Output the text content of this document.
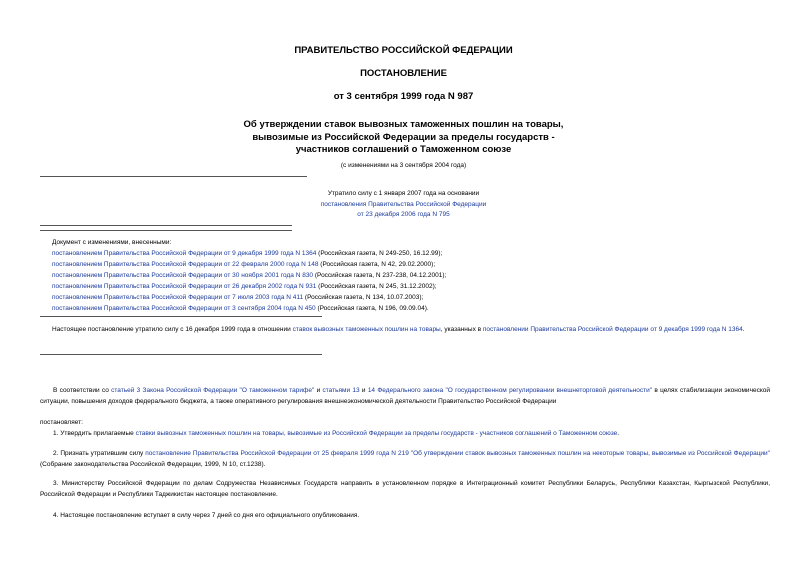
ПРАВИТЕЛЬСТВО РОССИЙСКОЙ ФЕДЕРАЦИИ
ПОСТАНОВЛЕНИЕ
от 3 сентября 1999 года N 987
Об утверждении ставок вывозных таможенных пошлин на товары,
вывозимые из Российской Федерации за пределы государств -
участников соглашений о Таможенном союзе
(с изменениями на 3 сентября 2004 года)
Утратило силу с 1 января 2007 года на основании
постановления Правительства Российской Федерации
от 23 декабря 2006 года N 795
Документ с изменениями, внесенными:
постановлением Правительства Российской Федерации от 9 декабря 1999 года N 1364 (Российская газета, N 249-250, 16.12.99);
постановлением Правительства Российской Федерации от 22 февраля 2000 года N 148 (Российская газета, N 42, 29.02.2000);
постановлением Правительства Российской Федерации от 30 ноября 2001 года N 830 (Российская газета, N 237-238, 04.12.2001);
постановлением Правительства Российской Федерации от 26 декабря 2002 года N 931 (Российская газета, N 245, 31.12.2002);
постановлением Правительства Российской Федерации от 7 июля 2003 года N 411 (Российская газета, N 134, 10.07.2003);
постановлением Правительства Российской Федерации от 3 сентября 2004 года N 450 (Российская газета, N 196, 09.09.04).
Настоящее постановление утратило силу с 16 декабря 1999 года в отношении ставок вывозных таможенных пошлин на товары, указанных в постановлении Правительства Российской Федерации от 9 декабря 1999 года N 1364.
В соответствии со статьей 3 Закона Российской Федерации "О таможенном тарифе" и статьями 13 и 14 Федерального закона "О государственном регулировании внешнеторговой деятельности" в целях стабилизации экономической ситуации, повышения доходов федерального бюджета, а также оперативного регулирования внешнеэкономической деятельности Правительство Российской Федерации
постановляет:
1. Утвердить прилагаемые ставки вывозных таможенных пошлин на товары, вывозимые из Российской Федерации за пределы государств - участников соглашений о Таможенном союзе.
2. Признать утратившим силу постановление Правительства Российской Федерации от 25 февраля 1999 года N 219 "Об утверждении ставок вывозных таможенных пошлин на некоторые товары, вывозимые из Российской Федерации" (Собрание законодательства Российской Федерации, 1999, N 10, ст.1238).
3. Министерству Российской Федерации по делам Содружества Независимых Государств направить в установленном порядке в Интеграционный комитет Республики Беларусь, Республики Казахстан, Кыргызской Республики, Российской Федерации и Республики Таджикистан настоящее постановление.
4. Настоящее постановление вступает в силу через 7 дней со дня его официального опубликования.
